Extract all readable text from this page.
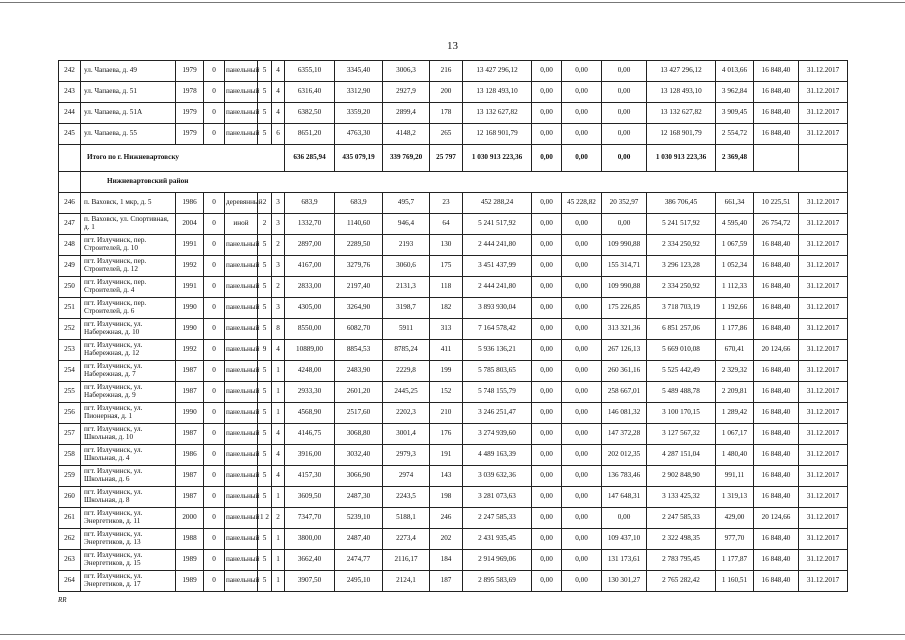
13
242	ул. Чапаева, д. 49	1979	0	панельный	5	4	6355,10	3345,40	3006,3	216	13 427 296,12	0,00	0,00	0,00	13 427 296,12	4 013,66	16 848,40	31.12.2017
243	ул. Чапаева, д. 51	1978	0	панельный	5	4	6316,40	3312,90	2927,9	200	13 128 493,10	0,00	0,00	0,00	13 128 493,10	3 962,84	16 848,40	31.12.2017
244	ул. Чапаева, д. 51А	1979	0	панельный	5	4	6382,50	3359,20	2899,4	178	13 132 627,82	0,00	0,00	0,00	13 132 627,82	3 909,45	16 848,40	31.12.2017
245	ул. Чапаева, д. 55	1979	0	панельный	5	6	8651,20	4763,30	4148,2	265	12 168 901,79	0,00	0,00	0,00	12 168 901,79	2 554,72	16 848,40	31.12.2017
	Итого по г. Нижневартовску						636 285,94	435 079,19	339 769,20	25 797	1 030 913 223,36	0,00	0,00	0,00	1 030 913 223,36	2 369,48		
	Нижневартовский район																	
246	п. Ваховск, 1 мкр, д. 5	1986	0	деревянный	2	3	683,9	683,9	495,7	23	452 288,24	0,00	45 228,82	20 352,97	386 706,45	661,34	10 225,51	31.12.2017
247	п. Ваховск, ул. Спортивная, д. 1	2004	0	иной	2	3	1332,70	1140,60	946,4	64	5 241 517,92	0,00	0,00	0,00	5 241 517,92	4 595,40	26 754,72	31.12.2017
248	пгт. Излучинск, пер. Строителей, д. 10	1991	0	панельный	5	2	2897,00	2289,50	2193	130	2 444 241,80	0,00	0,00	109 990,88	2 334 250,92	1 067,59	16 848,40	31.12.2017
249	пгт. Излучинск, пер. Строителей, д. 12	1992	0	панельный	5	3	4167,00	3279,76	3060,6	175	3 451 437,99	0,00	0,00	155 314,71	3 296 123,28	1 052,34	16 848,40	31.12.2017
250	пгт. Излучинск, пер. Строителей, д. 4	1991	0	панельный	5	2	2833,00	2197,40	2131,3	118	2 444 241,80	0,00	0,00	109 990,88	2 334 250,92	1 112,33	16 848,40	31.12.2017
251	пгт. Излучинск, пер. Строителей, д. 6	1990	0	панельный	5	3	4305,00	3264,90	3198,7	182	3 893 930,04	0,00	0,00	175 226,85	3 718 703,19	1 192,66	16 848,40	31.12.2017
252	пгт. Излучинск, ул. Набережная, д. 10	1990	0	панельный	5	8	8550,00	6082,70	5911	313	7 164 578,42	0,00	0,00	313 321,36	6 851 257,06	1 177,86	16 848,40	31.12.2017
253	пгт. Излучинск, ул. Набережная, д. 12	1992	0	панельный	9	4	10889,00	8854,53	8785,24	411	5 936 136,21	0,00	0,00	267 126,13	5 669 010,08	670,41	20 124,66	31.12.2017
254	пгт. Излучинск, ул. Набережная, д. 7	1987	0	панельный	5	1	4248,00	2483,90	2229,8	199	5 785 803,65	0,00	0,00	260 361,16	5 525 442,49	2 329,32	16 848,40	31.12.2017
255	пгт. Излучинск, ул. Набережная, д. 9	1987	0	панельный	5	1	2933,30	2601,20	2445,25	152	5 748 155,79	0,00	0,00	258 667,01	5 489 488,78	2 209,81	16 848,40	31.12.2017
256	пгт. Излучинск, ул. Пионерная, д. 1	1990	0	панельный	5	1	4568,90	2517,60	2202,3	210	3 246 251,47	0,00	0,00	146 081,32	3 100 170,15	1 289,42	16 848,40	31.12.2017
257	пгт. Излучинск, ул. Школьная, д. 10	1987	0	панельный	5	4	4146,75	3068,80	3001,4	176	3 274 939,60	0,00	0,00	147 372,28	3 127 567,32	1 067,17	16 848,40	31.12.2017
258	пгт. Излучинск, ул. Школьная, д. 4	1986	0	панельный	5	4	3916,00	3032,40	2979,3	191	4 489 163,39	0,00	0,00	202 012,35	4 287 151,04	1 480,40	16 848,40	31.12.2017
259	пгт. Излучинск, ул. Школьная, д. 6	1987	0	панельный	5	4	4157,30	3066,90	2974	143	3 039 632,36	0,00	0,00	136 783,46	2 902 848,90	991,11	16 848,40	31.12.2017
260	пгт. Излучинск, ул. Школьная, д. 8	1987	0	панельный	5	1	3609,50	2487,30	2243,5	198	3 281 073,63	0,00	0,00	147 648,31	3 133 425,32	1 319,13	16 848,40	31.12.2017
261	пгт. Излучинск, ул. Энергетиков, д. 11	2000	0	панельный	1 2	2	7347,70	5239,10	5188,1	246	2 247 585,33	0,00	0,00	0,00	2 247 585,33	429,00	20 124,66	31.12.2017
262	пгт. Излучинск, ул. Энергетиков, д. 13	1988	0	панельный	5	1	3800,00	2487,40	2273,4	202	2 431 935,45	0,00	0,00	109 437,10	2 322 498,35	977,70	16 848,40	31.12.2017
263	пгт. Излучинск, ул. Энергетиков, д. 15	1989	0	панельный	5	1	3662,40	2474,77	2116,17	184	2 914 969,06	0,00	0,00	131 173,61	2 783 795,45	1 177,87	16 848,40	31.12.2017
264	пгт. Излучинск, ул. Энергетиков, д. 17	1989	0	панельный	5	1	3907,50	2495,10	2124,1	187	2 895 583,69	0,00	0,00	130 301,27	2 765 282,42	1 160,51	16 848,40	31.12.2017
RR
